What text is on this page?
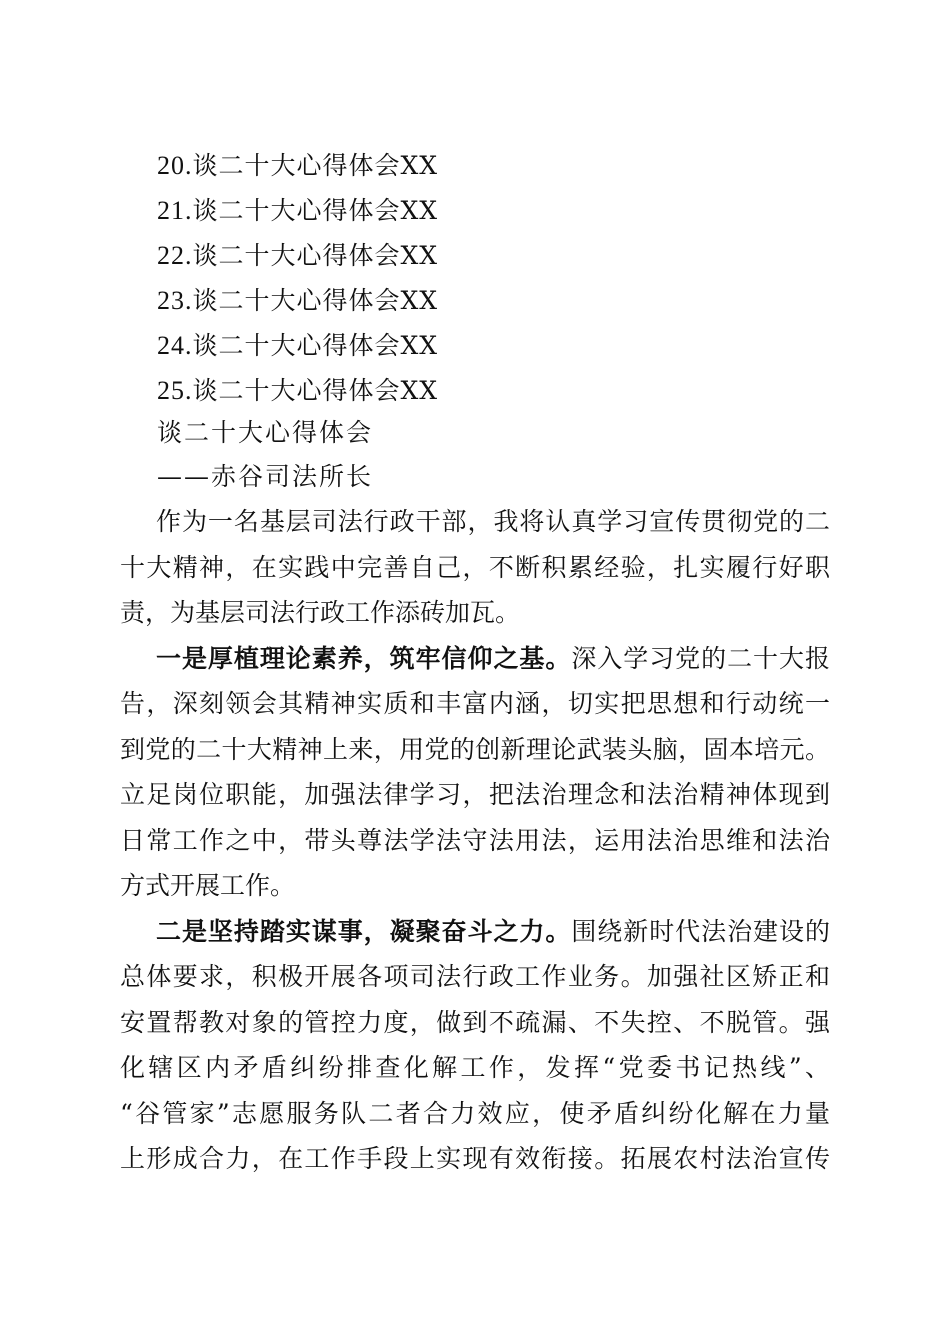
20.谈二十大心得体会XX
21.谈二十大心得体会XX
22.谈二十大心得体会XX
23.谈二十大心得体会XX
24.谈二十大心得体会XX
25.谈二十大心得体会XX
谈二十大心得体会
——赤谷司法所长
作为一名基层司法行政干部，我将认真学习宣传贯彻党的二
十大精神，在实践中完善自己，不断积累经验，扎实履行好职
责，为基层司法行政工作添砖加瓦。
一是厚植理论素养，筑牢信仰之基。深入学习党的二十大报
告，深刻领会其精神实质和丰富内涵，切实把思想和行动统一
到党的二十大精神上来，用党的创新理论武装头脑，固本培元。
立足岗位职能，加强法律学习，把法治理念和法治精神体现到
日常工作之中，带头尊法学法守法用法，运用法治思维和法治
方式开展工作。
二是坚持踏实谋事，凝聚奋斗之力。围绕新时代法治建设的
总体要求，积极开展各项司法行政工作业务。加强社区矫正和
安置帮教对象的管控力度，做到不疏漏、不失控、不脱管。强
化辖区内矛盾纠纷排查化解工作，发挥“党委书记热线”、
“谷管家”志愿服务队二者合力效应，使矛盾纠纷化解在力量
上形成合力，在工作手段上实现有效衔接。拓展农村法治宣传
